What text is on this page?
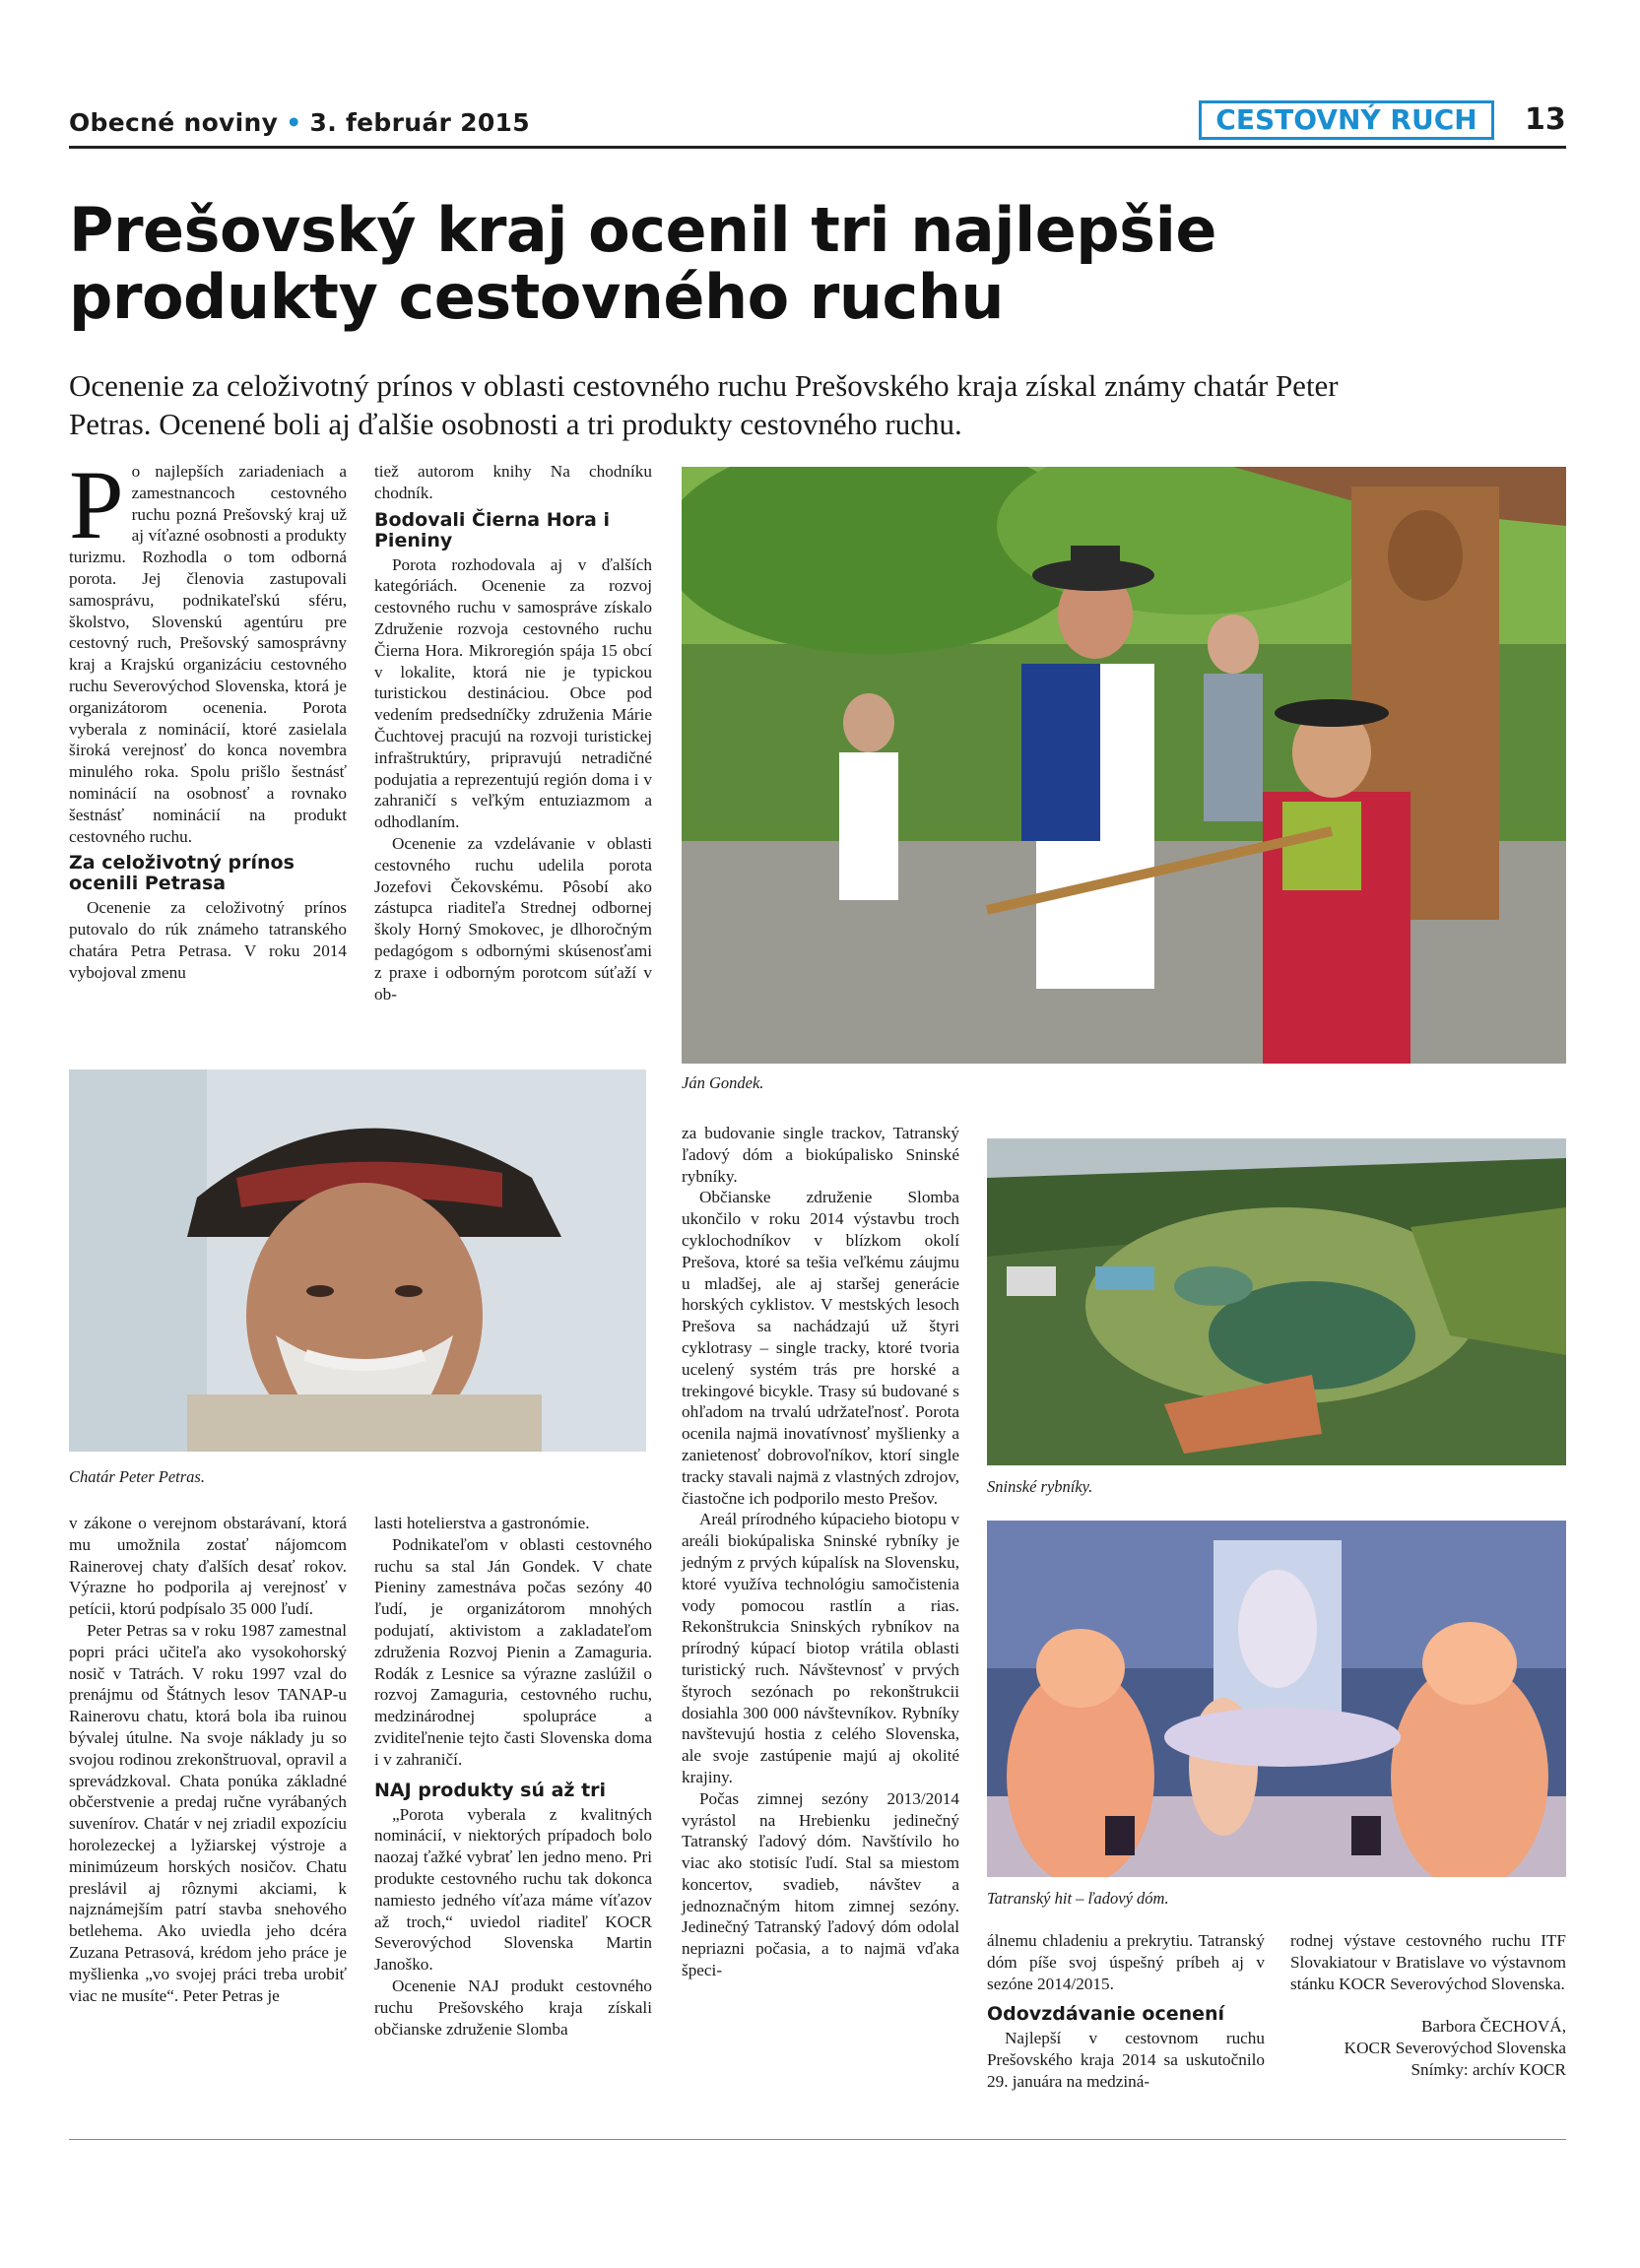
Obecné noviny • 3. február 2015	CESTOVNÝ RUCH	13
Prešovský kraj ocenil tri najlepšie
produkty cestovného ruchu
Ocenenie za celoživotný prínos v oblasti cestovného ruchu Prešovského kraja získal známy chatár Peter
Petras. Ocenené boli aj ďalšie osobnosti a tri produkty cestovného ruchu.

Po najlepších zariadeniach a zamestnancoch cestovného ruchu pozná Prešovský kraj už aj víťazné osobnosti a produkty turizmu. Rozhodla o tom odborná porota. Jej členovia zastupovali samosprávu, podnikateľskú sféru, školstvo, Slovenskú agentúru pre cestovný ruch, Prešovský samosprávny kraj a Krajskú organizáciu cestovného ruchu Severovýchod Slovenska, ktorá je organizátorom ocenenia. Porota vyberala z nominácií, ktoré zasielala široká verejnosť do konca novembra minulého roka. Spolu prišlo šestnásť nominácií na osobnosť a rovnako šestnásť nominácií na produkt cestovného ruchu.

Za celoživotný prínos ocenili Petrasa

Ocenenie za celoživotný prínos putovalo do rúk známeho tatranského chatára Petra Petrasa. V roku 2014 vybojoval zmenu

tiež autorom knihy Na chodníku chodník.

Bodovali Čierna Hora i Pieniny

Porota rozhodovala aj v ďalších kategóriách. Ocenenie za rozvoj cestovného ruchu v samospráve získalo Združenie rozvoja cestovného ruchu Čierna Hora. Mikroregión spája 15 obcí v lokalite, ktorá nie je typickou turistickou destináciou. Obce pod vedením predsedníčky združenia Márie Čuchtovej pracujú na rozvoji turistickej infraštruktúry, pripravujú netradičné podujatia a reprezentujú región doma i v zahraničí s veľkým entuziazmom a odhodlaním.

Ocenenie za vzdelávanie v oblasti cestovného ruchu udelila porota Jozefovi Čekovskému. Pôsobí ako zástupca riaditeľa Strednej odbornej školy Horný Smokovec, je dlhoročným pedagógom s odbornými skúsenosťami z praxe i odborným porotcom súťaží v ob-

Ján Gondek.
Chatár Peter Petras.

za budovanie single trackov, Tatranský ľadový dóm a biokúpalisko Sninské rybníky.

Občianske združenie Slomba ukončilo v roku 2014 výstavbu troch cyklochodníkov v blízkom okolí Prešova, ktoré sa tešia veľkému záujmu u mladšej, ale aj staršej generácie horských cyklistov. V mestských lesoch Prešova sa nachádzajú už štyri cyklotrasy – single tracky, ktoré tvoria ucelený systém trás pre horské a trekingové bicykle. Trasy sú budované s ohľadom na trvalú udržateľnosť. Porota ocenila najmä inovatívnosť myšlienky a zanietenosť dobrovoľníkov, ktorí single tracky stavali najmä z vlastných zdrojov, čiastočne ich podporilo mesto Prešov.

Areál prírodného kúpacieho biotopu v areáli biokúpaliska Sninské rybníky je jedným z prvých kúpalísk na Slovensku, ktoré využíva technológiu samočistenia vody pomocou rastlín a rias. Rekonštrukcia Sninských rybníkov na prírodný kúpací biotop vrátila oblasti turistický ruch. Návštevnosť v prvých štyroch sezónach po rekonštrukcii dosiahla 300 000 návštevníkov. Rybníky navštevujú hostia z celého Slovenska, ale svoje zastúpenie majú aj okolité krajiny.

Počas zimnej sezóny 2013/2014 vyrástol na Hrebienku jedinečný Tatranský ľadový dóm. Navštívilo ho viac ako stotisíc ľudí. Stal sa miestom koncertov, svadieb, návštev a jednoznačným hitom zimnej sezóny. Jedinečný Tatranský ľadový dóm odolal nepriazni počasia, a to najmä vďaka špeci-

Sninské rybníky.
Tatranský hit – ľadový dóm.

v zákone o verejnom obstarávaní, ktorá mu umožnila zostať nájomcom Rainerovej chaty ďalších desať rokov. Výrazne ho podporila aj verejnosť v petícii, ktorú podpísalo 35 000 ľudí.

Peter Petras sa v roku 1987 zamestnal popri práci učiteľa ako vysokohorský nosič v Tatrách. V roku 1997 vzal do prenájmu od Štátnych lesov TANAP-u Rainerovu chatu, ktorá bola iba ruinou bývalej útulne. Na svoje náklady ju so svojou rodinou zrekonštruoval, opravil a sprevádzkoval. Chata ponúka základné občerstvenie a predaj ručne vyrábaných suvenírov. Chatár v nej zriadil expozíciu horolezeckej a lyžiarskej výstroje a minimúzeum horských nosičov. Chatu preslávil aj rôznymi akciami, k najznámejším patrí stavba snehového betlehema. Ako uviedla jeho dcéra Zuzana Petrasová, krédom jeho práce je myšlienka „vo svojej práci treba urobiť viac ne musíte“. Peter Petras je

lasti hotelierstva a gastronómie.

Podnikateľom v oblasti cestovného ruchu sa stal Ján Gondek. V chate Pieniny zamestnáva počas sezóny 40 ľudí, je organizátorom mnohých podujatí, aktivistom a zakladateľom združenia Rozvoj Pienin a Zamaguria. Rodák z Lesnice sa výrazne zaslúžil o rozvoj Zamaguria, cestovného ruchu, medzinárodnej spolupráce a zviditeľnenie tejto časti Slovenska doma i v zahraničí.

NAJ produkty sú až tri

„Porota vyberala z kvalitných nominácií, v niektorých prípadoch bolo naozaj ťažké vybrať len jedno meno. Pri produkte cestovného ruchu tak dokonca namiesto jedného víťaza máme víťazov až troch,“ uviedol riaditeľ KOCR Severovýchod Slovenska Martin Janoško.

Ocenenie NAJ produkt cestovného ruchu Prešovského kraja získali občianske združenie Slomba

álnemu chladeniu a prekrytiu. Tatranský dóm píše svoj úspešný príbeh aj v sezóne 2014/2015.

Odovzdávanie ocenení

Najlepší v cestovnom ruchu Prešovského kraja 2014 sa uskutočnilo 29. januára na medziná-

rodnej výstave cestovného ruchu ITF Slovakiatour v Bratislave vo výstavnom stánku KOCR Severovýchod Slovenska.

Barbora ČECHOVÁ,
KOCR Severovýchod Slovenska
Snímky: archív KOCR
